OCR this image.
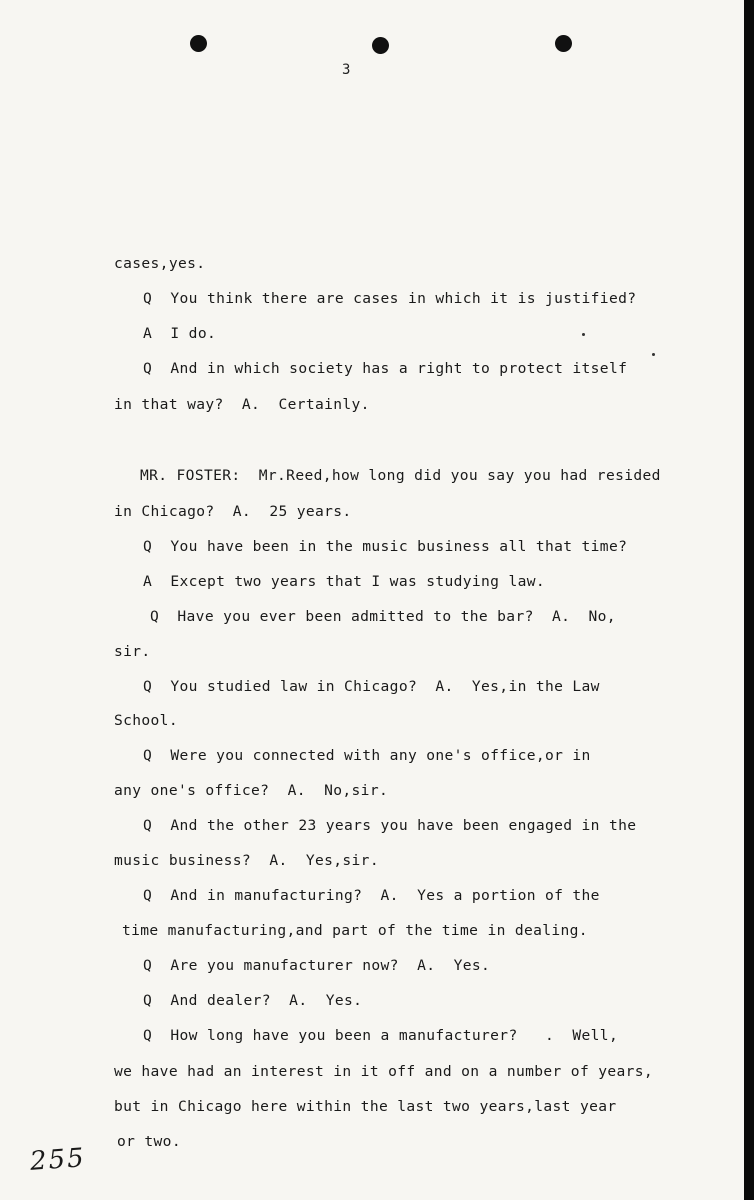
3
cases,yes.
Q  You think there are cases in which it is justified?
A  I do.
Q  And in which society has a right to protect itself
in that way?  A.  Certainly.
MR. FOSTER:  Mr.Reed,how long did you say you had resided
in Chicago?  A.  25 years.
Q  You have been in the music business all that time?
A  Except two years that I was studying law.
Q  Have you ever been admitted to the bar?  A.  No,
sir.
Q  You studied law in Chicago?  A.  Yes,in the Law
School.
Q  Were you connected with any one's office,or in
any one's office?  A.  No,sir.
Q  And the other 23 years you have been engaged in the
music business?  A.  Yes,sir.
Q  And in manufacturing?  A.  Yes a portion of the
time manufacturing,and part of the time in dealing.
Q  Are you manufacturer now?  A.  Yes.
Q  And dealer?  A.  Yes.
Q  How long have you been a manufacturer?   .  Well,
we have had an interest in it off and on a number of years,
but in Chicago here within the last two years,last year
or two.
255
